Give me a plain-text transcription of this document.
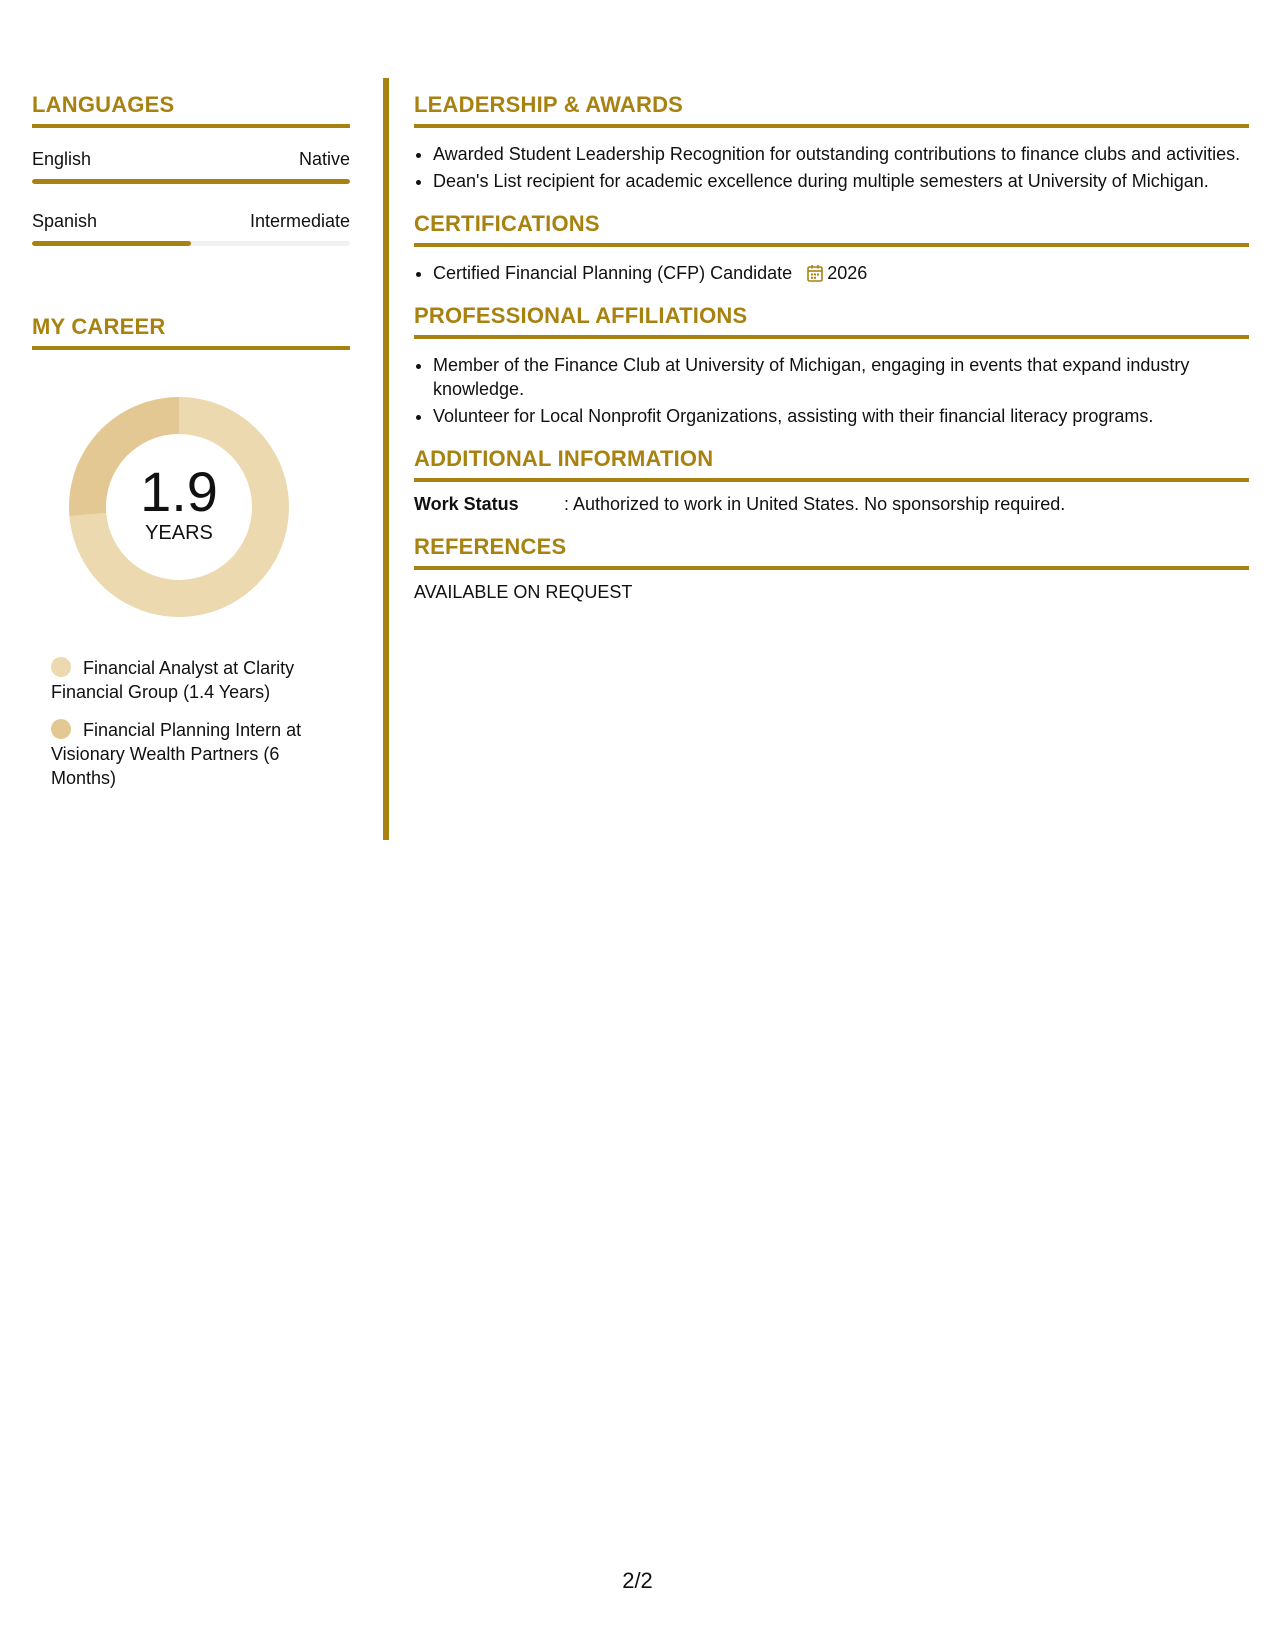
LANGUAGES
English	Native
Spanish	Intermediate
MY CAREER
1.9
YEARS
Financial Analyst at Clarity Financial Group (1.4 Years)
Financial Planning Intern at Visionary Wealth Partners (6 Months)
LEADERSHIP & AWARDS
• Awarded Student Leadership Recognition for outstanding contributions to finance clubs and activities.
• Dean's List recipient for academic excellence during multiple semesters at University of Michigan.
CERTIFICATIONS
• Certified Financial Planning (CFP) Candidate 2026
PROFESSIONAL AFFILIATIONS
• Member of the Finance Club at University of Michigan, engaging in events that expand industry knowledge.
• Volunteer for Local Nonprofit Organizations, assisting with their financial literacy programs.
ADDITIONAL INFORMATION
Work Status	: Authorized to work in United States. No sponsorship required.
REFERENCES
AVAILABLE ON REQUEST
2/2
